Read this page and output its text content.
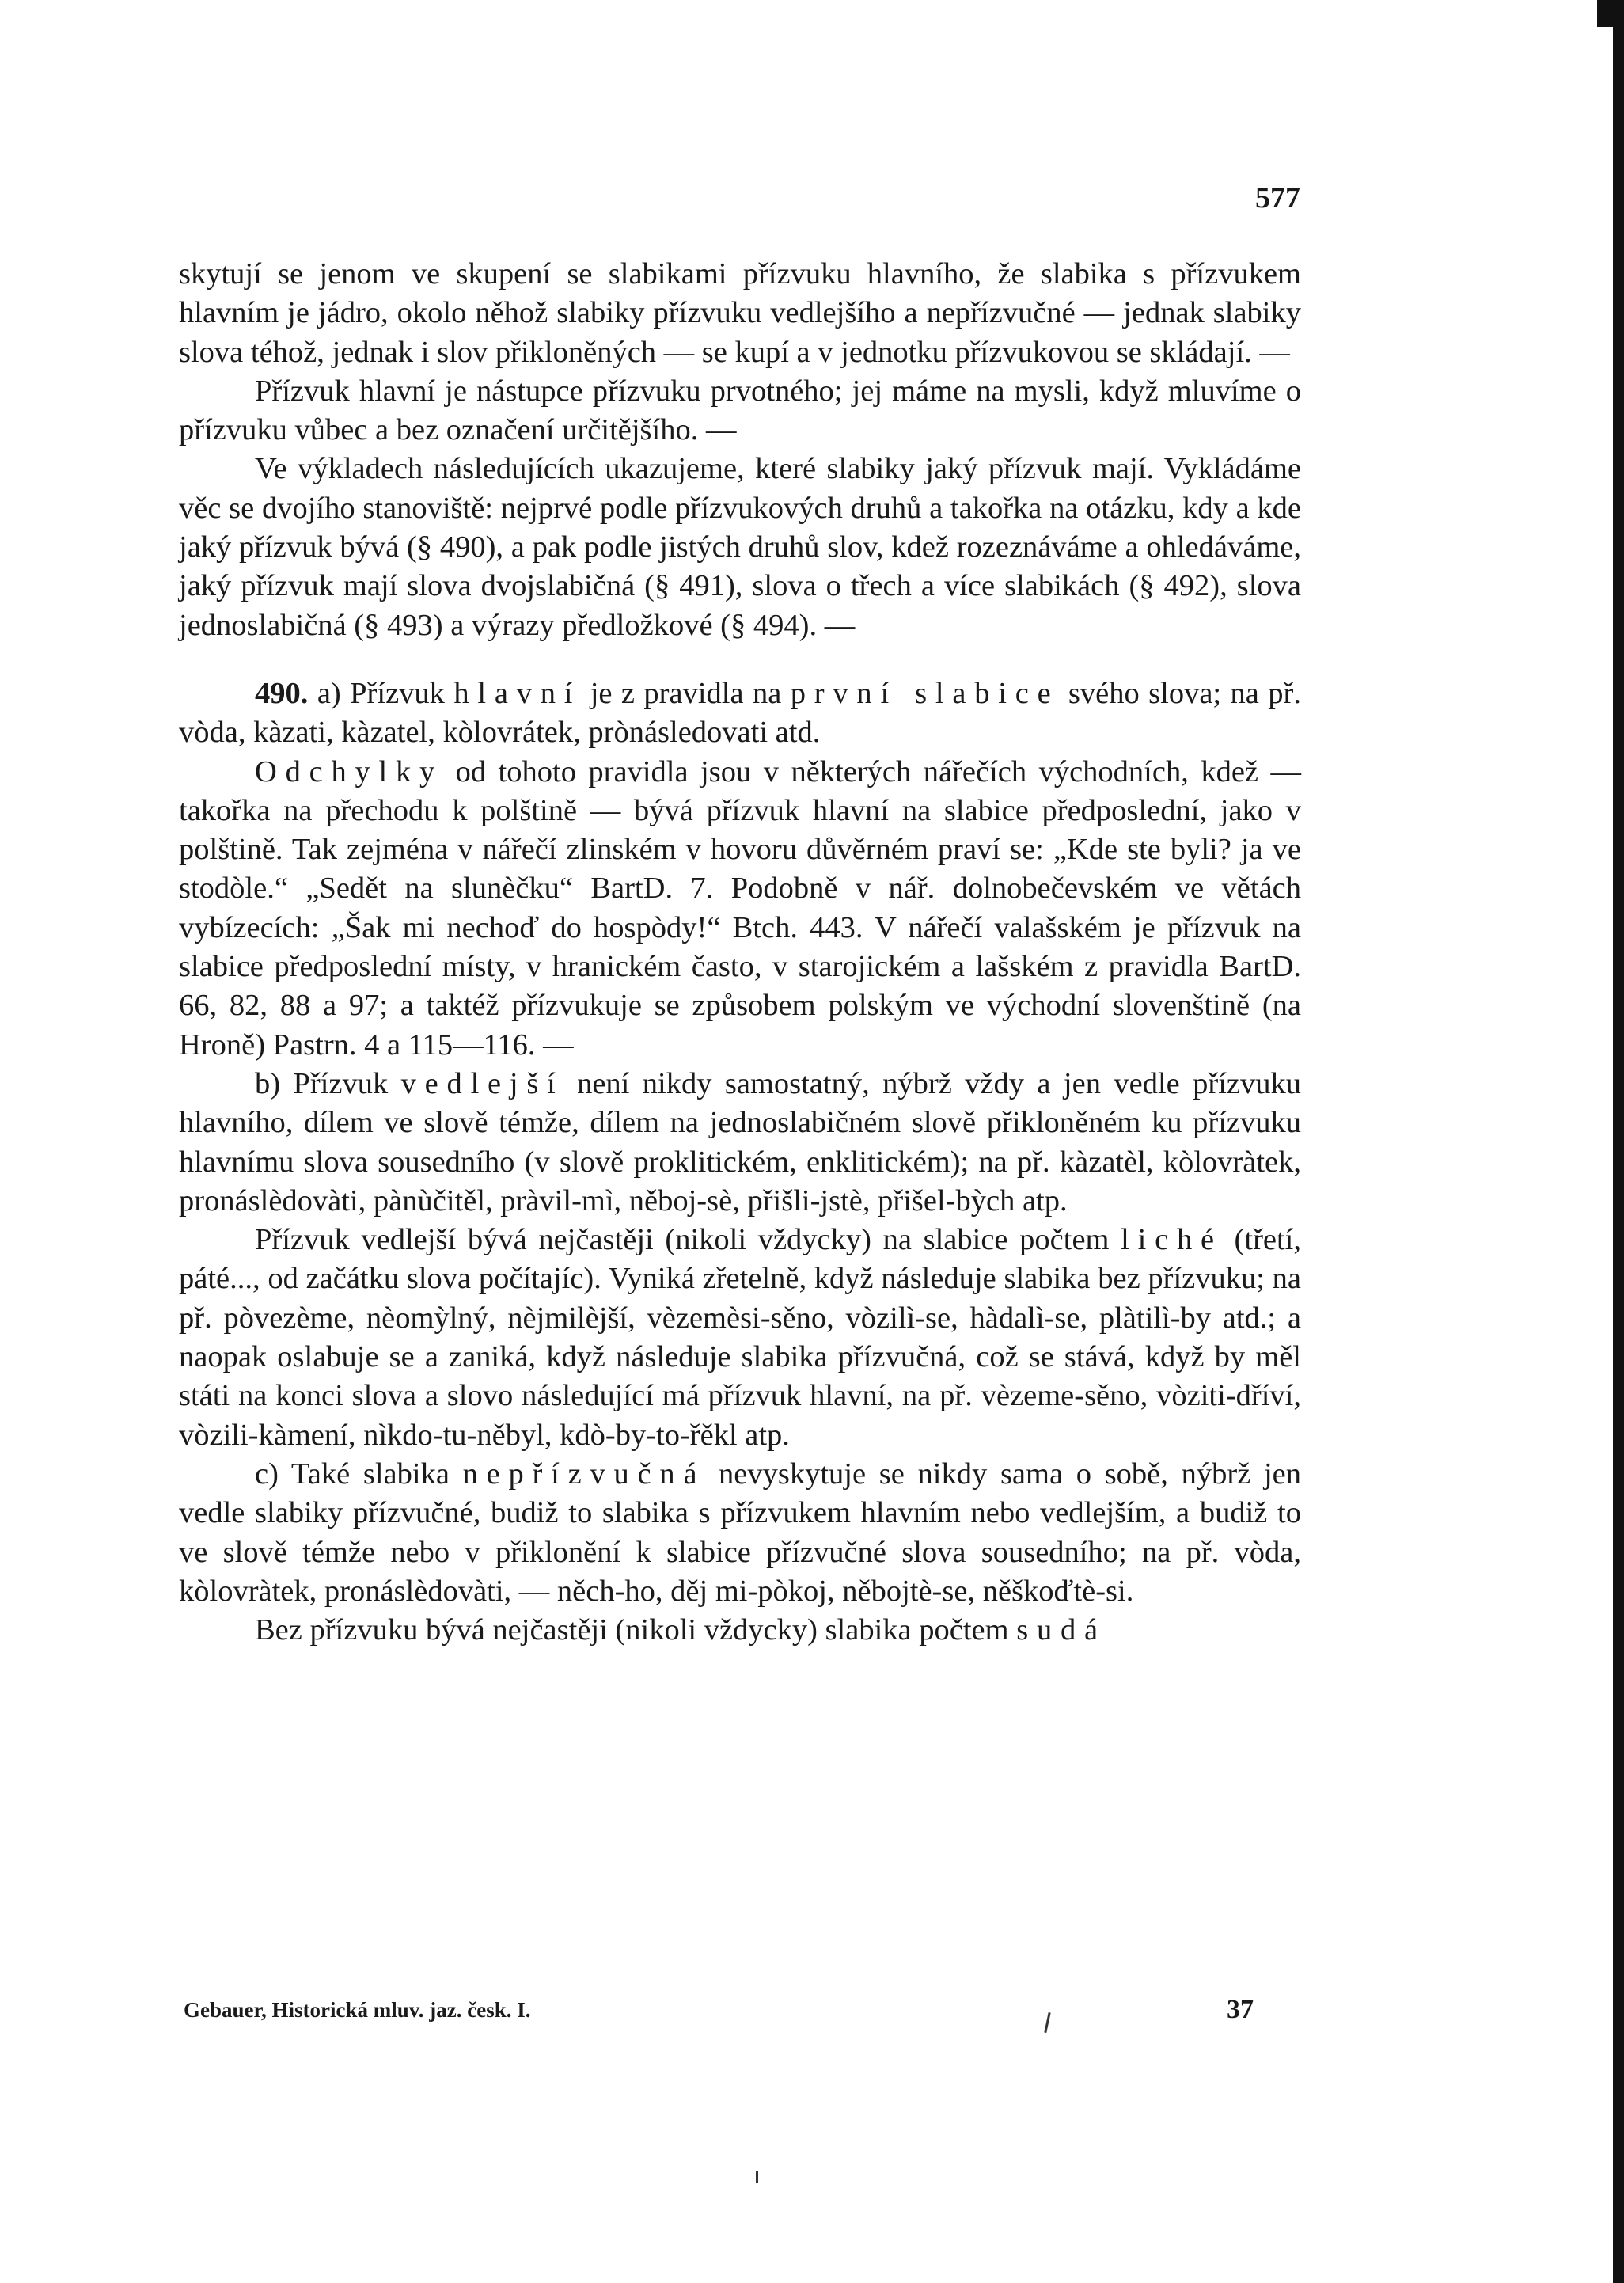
577

skytují se jenom ve skupení se slabikami přízvuku hlavního, že slabika s přízvukem hlavním je jádro, okolo něhož slabiky přízvuku vedlejšího a nepřízvučné — jednak slabiky slova téhož, jednak i slov přikloněných — se kupí a v jednotku přízvukovou se skládají. —

Přízvuk hlavní je nástupce přízvuku prvotného; jej máme na mysli, když mluvíme o přízvuku vůbec a bez označení určitějšího. —

Ve výkladech následujících ukazujeme, které slabiky jaký přízvuk mají. Vykládáme věc se dvojího stanoviště: nejprvé podle přízvukových druhů a takořka na otázku, kdy a kde jaký přízvuk bývá (§ 490), a pak podle jistých druhů slov, kdež rozeznáváme a ohledáváme, jaký přízvuk mají slova dvojslabičná (§ 491), slova o třech a více slabikách (§ 492), slova jednoslabičná (§ 493) a výrazy předložkové (§ 494). —

490. a) Přízvuk hlavní je z pravidla na první slabice svého slova; na př. vòda, kàzati, kàzatel, kòlovrátek, prònásledovati atd.

Odchylky od tohoto pravidla jsou v některých nářečích východních, kdež — takořka na přechodu k polštině — bývá přízvuk hlavní na slabice předposlední, jako v polštině. Tak zejména v nářečí zlinském v hovoru důvěrném praví se: „Kde ste byli? ja ve stodòle.“ „Sedět na slunèčku“ BartD. 7. Podobně v nář. dolnobečevském ve větách vybízecích: „Šak mi nechoď do hospòdy!“ Btch. 443. V nářečí valašském je přízvuk na slabice předposlední místy, v hranickém často, v starojickém a lašském z pravidla BartD. 66, 82, 88 a 97; a taktéž přízvukuje se způsobem polským ve východní slovenštině (na Hroně) Pastrn. 4 a 115—116. —

b) Přízvuk vedlejší není nikdy samostatný, nýbrž vždy a jen vedle přízvuku hlavního, dílem ve slově témže, dílem na jednoslabičném slově přikloněném ku přízvuku hlavnímu slova sousedního (v slově proklitickém, enklitickém); na př. kàzatèl, kòlovràtek, pronáslèdovàti, pànùčitěl, pràvil-mì, něboj-sè, přišli-jstè, přišel-bỳch atp.

Přízvuk vedlejší bývá nejčastěji (nikoli vždycky) na slabice počtem liché (třetí, páté..., od začátku slova počítajíc). Vyniká zřetelně, když následuje slabika bez přízvuku; na př. pòvezème, nèomỳlný, nèjmilèjší, vèzemèsi-sěno, vòzilì-se, hàdalì-se, plàtilì-by atd.; a naopak oslabuje se a zaniká, když následuje slabika přízvučná, což se stává, když by měl státi na konci slova a slovo následující má přízvuk hlavní, na př. vèzeme-sěno, vòziti-dříví, vòzili-kàmení, nìkdo-tu-něbyl, kdò-by-to-řěkl atp.

c) Také slabika nepřízvučná nevyskytuje se nikdy sama o sobě, nýbrž jen vedle slabiky přízvučné, budiž to slabika s přízvukem hlavním nebo vedlejším, a budiž to ve slově témže nebo v přiklonění k slabice přízvučné slova sousedního; na př. vòda, kòlovràtek, pronáslèdovàti, — něch-ho, děj mi-pòkoj, něbojtè-se, něškoďtè-si.

Bez přízvuku bývá nejčastěji (nikoli vždycky) slabika počtem sudá

Gebauer, Historická mluv. jaz. česk. I.	37
